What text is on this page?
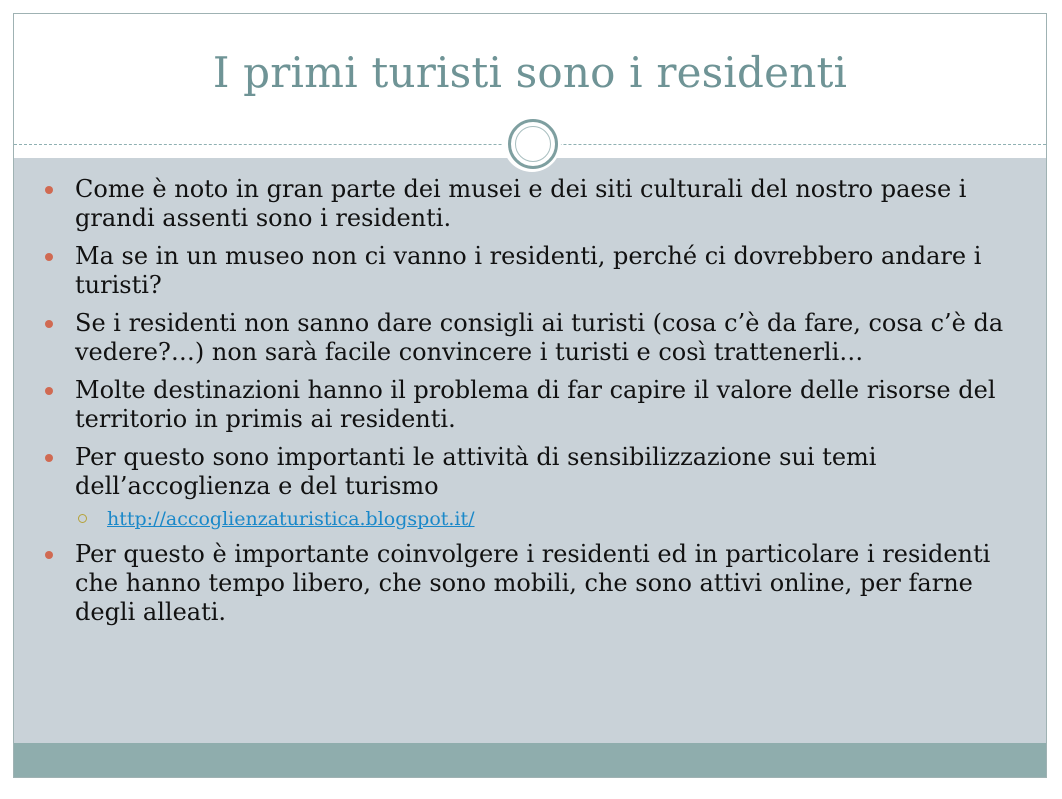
I primi turisti sono i residenti
Come è noto in gran parte dei musei e dei siti culturali del nostro paese i grandi assenti sono i residenti.
Ma se in un museo non ci vanno i residenti, perché ci dovrebbero andare i turisti?
Se i residenti non sanno dare consigli ai turisti (cosa c’è da fare, cosa c’è da vedere?…) non sarà facile convincere i turisti e così trattenerli…
Molte destinazioni hanno il problema di far capire il valore delle risorse del territorio in primis ai residenti.
Per questo sono importanti le attività di sensibilizzazione sui temi dell’accoglienza e del turismo
http://accoglienzaturistica.blogspot.it/
Per questo è importante coinvolgere i residenti ed in particolare i residenti che hanno tempo libero, che sono mobili, che sono attivi online, per farne degli alleati.
